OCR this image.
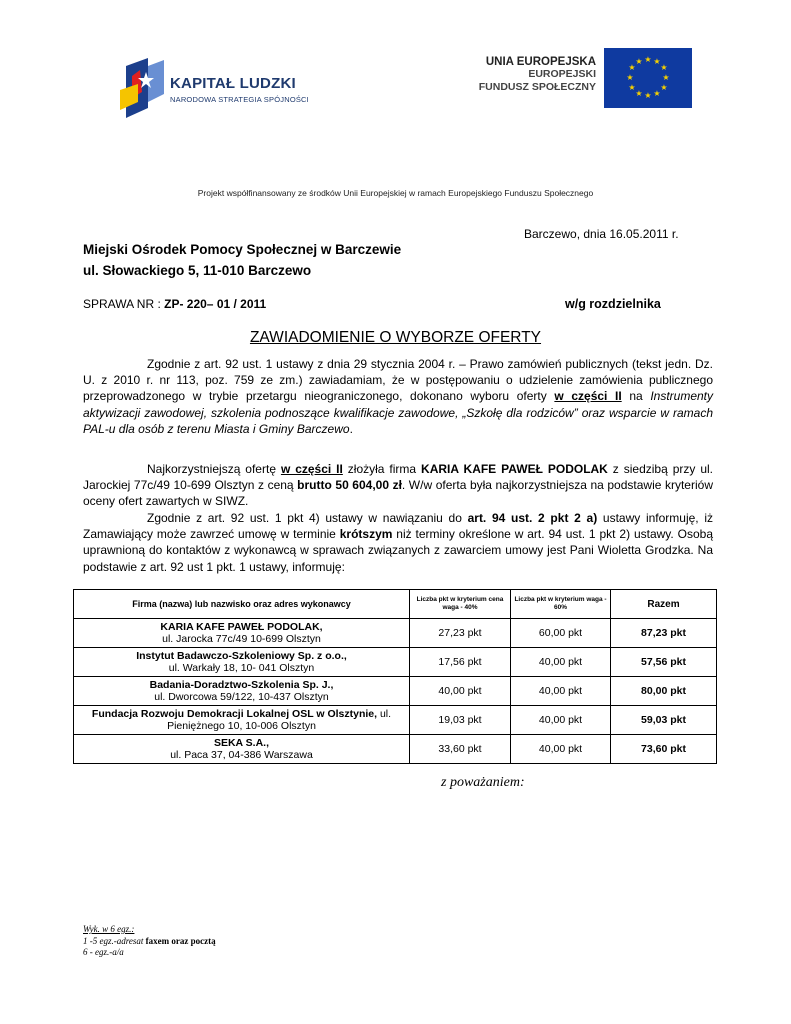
KAPITAŁ LUDZKI
NARODOWA STRATEGIA SPÓJNOŚCI
UNIA EUROPEJSKA
EUROPEJSKI
FUNDUSZ SPOŁECZNY
★ ★
★
★
★
★
★
★
★
★
★
★
Projekt współfinansowany ze środków Unii Europejskiej w ramach Europejskiego Funduszu Społecznego
Barczewo, dnia 16.05.2011 r.
Miejski Ośrodek Pomocy Społecznej w Barczewie
ul. Słowackiego 5, 11-010 Barczewo
SPRAWA NR : ZP- 220– 01 / 2011	w/g rozdzielnika
ZAWIADOMIENIE O WYBORZE OFERTY

Zgodnie z art. 92 ust. 1 ustawy z dnia 29 stycznia 2004 r. – Prawo zamówień publicznych (tekst jedn. Dz. U. z 2010 r. nr 113, poz. 759 ze zm.) zawiadamiam, że w postępowaniu o udzielenie zamówienia publicznego przeprowadzonego w trybie przetargu nieograniczonego, dokonano wyboru oferty w części II na Instrumenty aktywizacji zawodowej, szkolenia podnoszące kwalifikacje zawodowe, „Szkołę dla rodziców” oraz wsparcie w ramach PAL-u dla osób z terenu Miasta i Gminy Barczewo.

Najkorzystniejszą ofertę w części II złożyła firma KARIA KAFE PAWEŁ PODOLAK z siedzibą przy ul. Jarockiej 77c/49 10-699 Olsztyn z ceną brutto 50 604,00 zł. W/w oferta była najkorzystniejsza na podstawie kryteriów oceny ofert zawartych w SIWZ.

Zgodnie z art. 92 ust. 1 pkt 4) ustawy w nawiązaniu do art. 94 ust. 2 pkt 2 a) ustawy informuję, iż Zamawiający może zawrzeć umowę w terminie krótszym niż terminy określone w art. 94 ust. 1 pkt 2) ustawy. Osobą uprawnioną do kontaktów z wykonawcą w sprawach związanych z zawarciem umowy jest Pani Wioletta Grodzka. Na podstawie z art. 92 ust 1 pkt. 1 ustawy, informuję:

Firma (nazwa) lub nazwisko oraz adres wykonawcy	Liczba pkt w kryterium cena waga - 40%	Liczba pkt w kryterium waga - 60%	Razem

KARIA KAFE PAWEŁ PODOLAK,
ul. Jarocka 77c/49 10-699 Olsztyn	27,23 pkt	60,00 pkt	87,23 pkt

Instytut Badawczo-Szkoleniowy Sp. z o.o.,
ul. Warkały 18, 10- 041 Olsztyn	17,56 pkt	40,00 pkt	57,56 pkt

Badania-Doradztwo-Szkolenia Sp. J.,
ul. Dworcowa 59/122, 10-437 Olsztyn	40,00 pkt	40,00 pkt	80,00 pkt
Fundacja Rozwoju Demokracji Lokalnej OSL w Olsztynie, ul. Pieniężnego 10, 10-006 Olsztyn	19,03 pkt	40,00 pkt	59,03 pkt

SEKA S.A.,
ul. Paca 37, 04-386 Warszawa	33,60 pkt	40,00 pkt	73,60 pkt
z poważaniem:
Wyk. w 6 egz.:
1 -5 egz.-adresat faxem oraz pocztą
6 - egz.-a/a
